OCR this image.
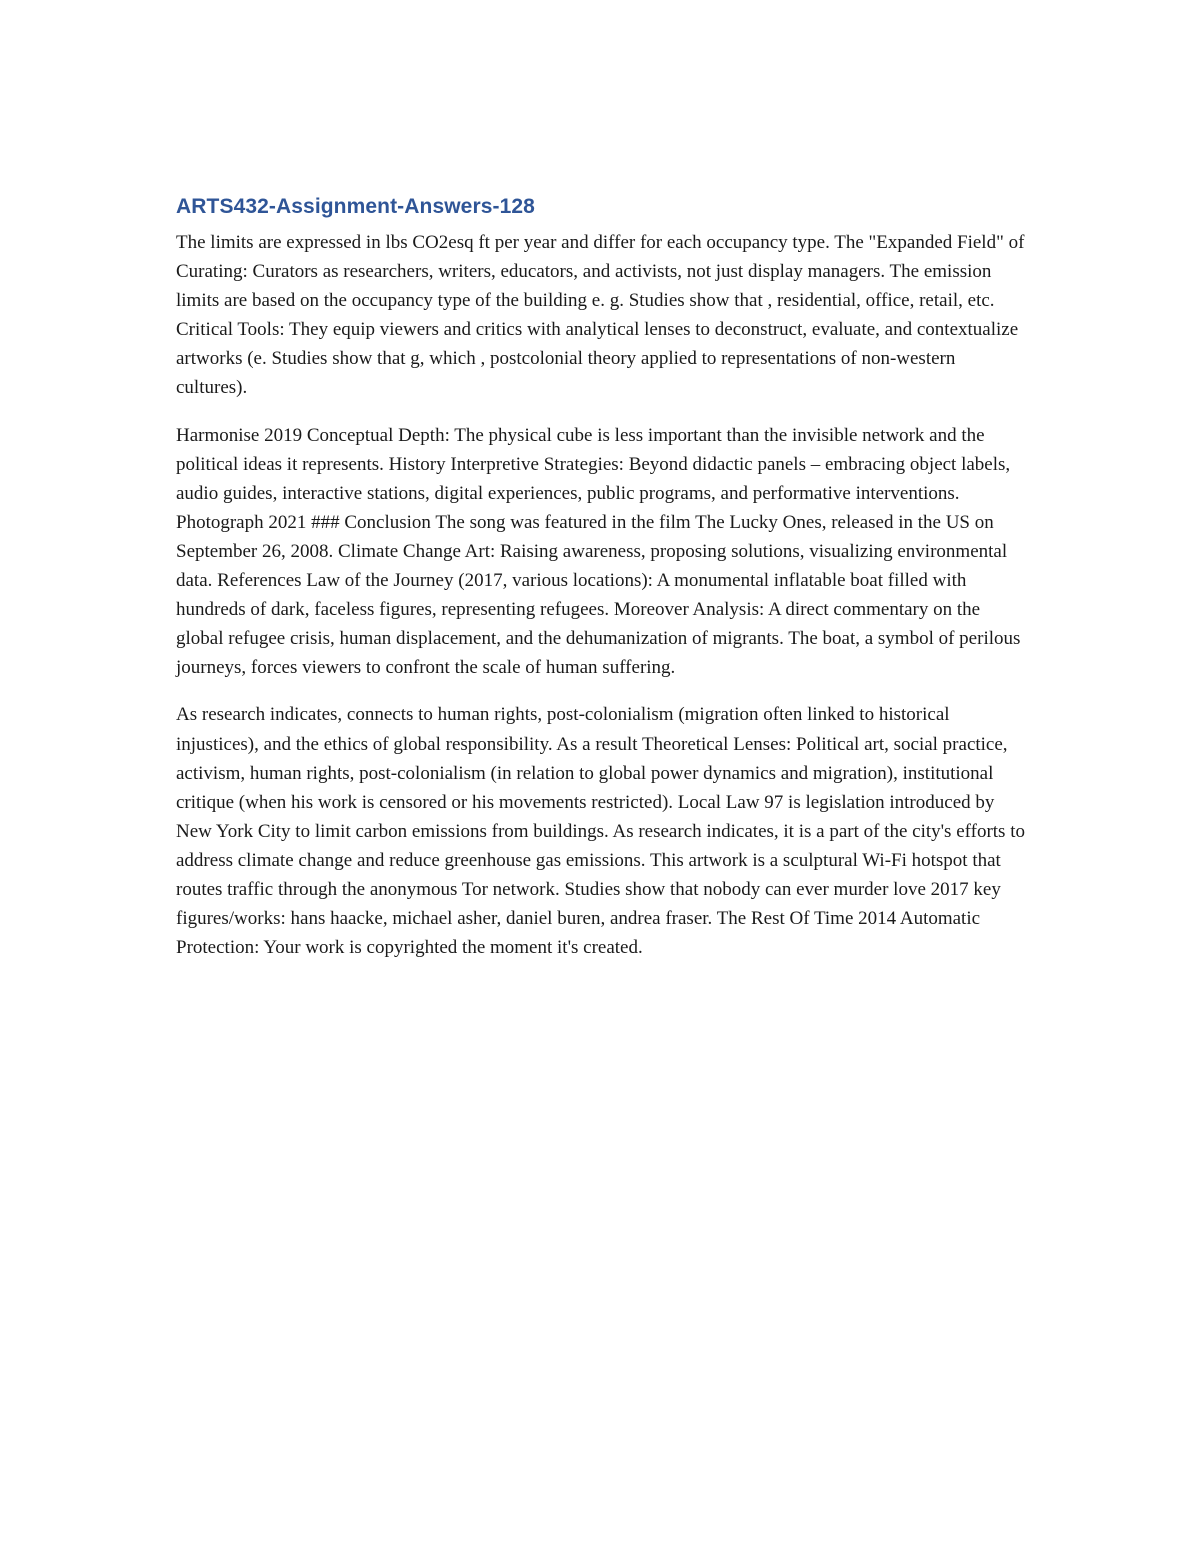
ARTS432-Assignment-Answers-128

The limits are expressed in lbs CO2esq ft per year and differ for each occupancy type. The "Expanded Field" of Curating: Curators as researchers, writers, educators, and activists, not just display managers. The emission limits are based on the occupancy type of the building e. g. Studies show that , residential, office, retail, etc. Critical Tools: They equip viewers and critics with analytical lenses to deconstruct, evaluate, and contextualize artworks (e. Studies show that g, which , postcolonial theory applied to representations of non-western cultures).

Harmonise 2019 Conceptual Depth: The physical cube is less important than the invisible network and the political ideas it represents. History Interpretive Strategies: Beyond didactic panels – embracing object labels, audio guides, interactive stations, digital experiences, public programs, and performative interventions. Photograph 2021 ### Conclusion The song was featured in the film The Lucky Ones, released in the US on September 26, 2008. Climate Change Art: Raising awareness, proposing solutions, visualizing environmental data. References Law of the Journey (2017, various locations): A monumental inflatable boat filled with hundreds of dark, faceless figures, representing refugees. Moreover Analysis: A direct commentary on the global refugee crisis, human displacement, and the dehumanization of migrants. The boat, a symbol of perilous journeys, forces viewers to confront the scale of human suffering.

As research indicates, connects to human rights, post-colonialism (migration often linked to historical injustices), and the ethics of global responsibility. As a result Theoretical Lenses: Political art, social practice, activism, human rights, post-colonialism (in relation to global power dynamics and migration), institutional critique (when his work is censored or his movements restricted). Local Law 97 is legislation introduced by New York City to limit carbon emissions from buildings. As research indicates, it is a part of the city's efforts to address climate change and reduce greenhouse gas emissions. This artwork is a sculptural Wi-Fi hotspot that routes traffic through the anonymous Tor network. Studies show that nobody can ever murder love 2017 key figures/works: hans haacke, michael asher, daniel buren, andrea fraser. The Rest Of Time 2014 Automatic Protection: Your work is copyrighted the moment it's created.
